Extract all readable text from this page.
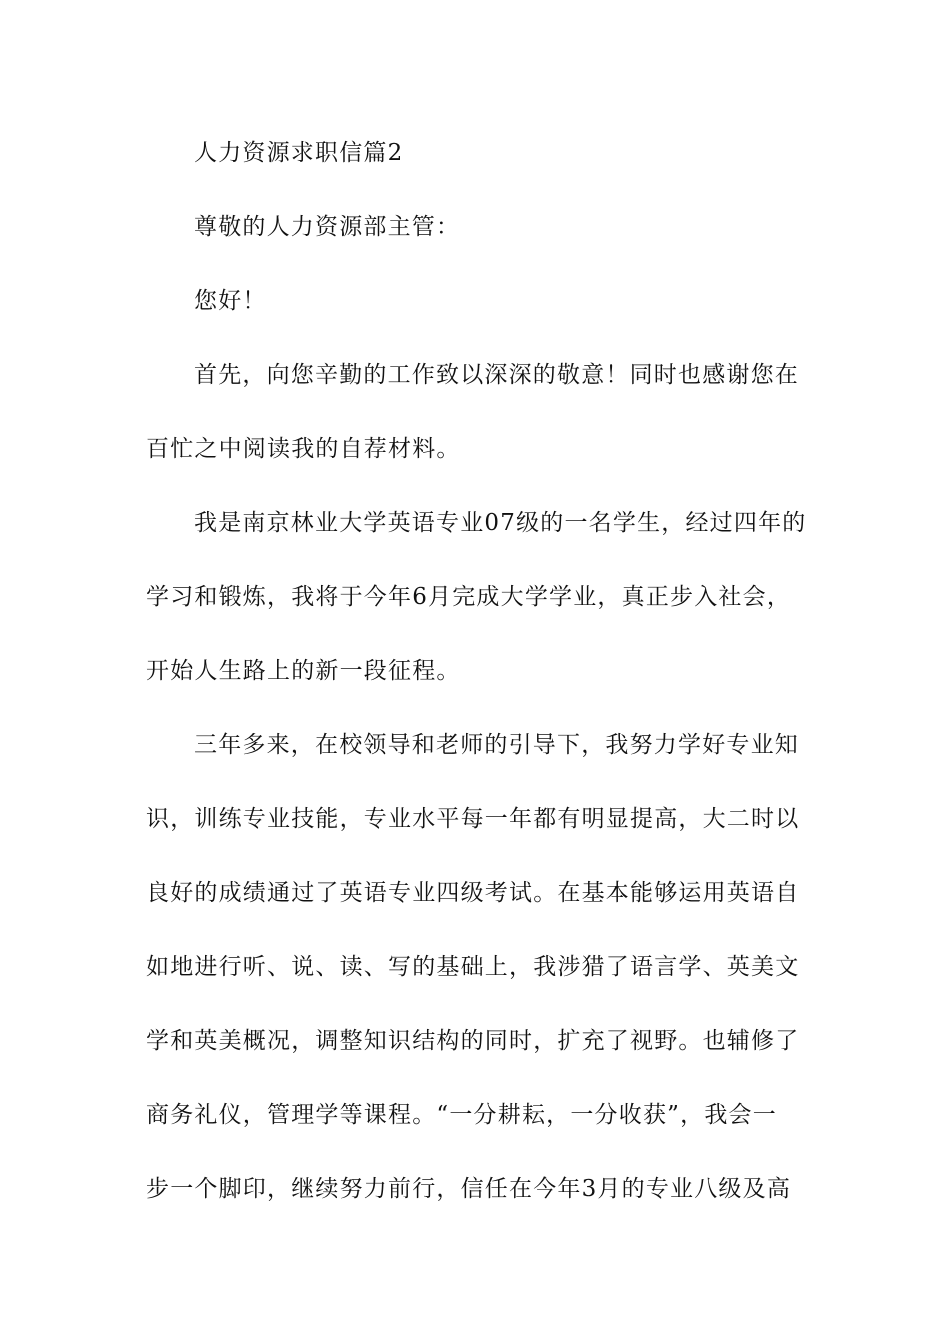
人力资源求职信篇2
尊敬的人力资源部主管：
您好！
首先，向您辛勤的工作致以深深的敬意！同时也感谢您在
百忙之中阅读我的自荐材料。
我是南京林业大学英语专业07级的一名学生，经过四年的
学习和锻炼，我将于今年6月完成大学学业，真正步入社会，
开始人生路上的新一段征程。
三年多来，在校领导和老师的引导下，我努力学好专业知
识，训练专业技能，专业水平每一年都有明显提高，大二时以
良好的成绩通过了英语专业四级考试。在基本能够运用英语自
如地进行听、说、读、写的基础上，我涉猎了语言学、英美文
学和英美概况，调整知识结构的同时，扩充了视野。也辅修了
商务礼仪，管理学等课程。“一分耕耘，一分收获”，我会一
步一个脚印，继续努力前行，信任在今年3月的专业八级及高
